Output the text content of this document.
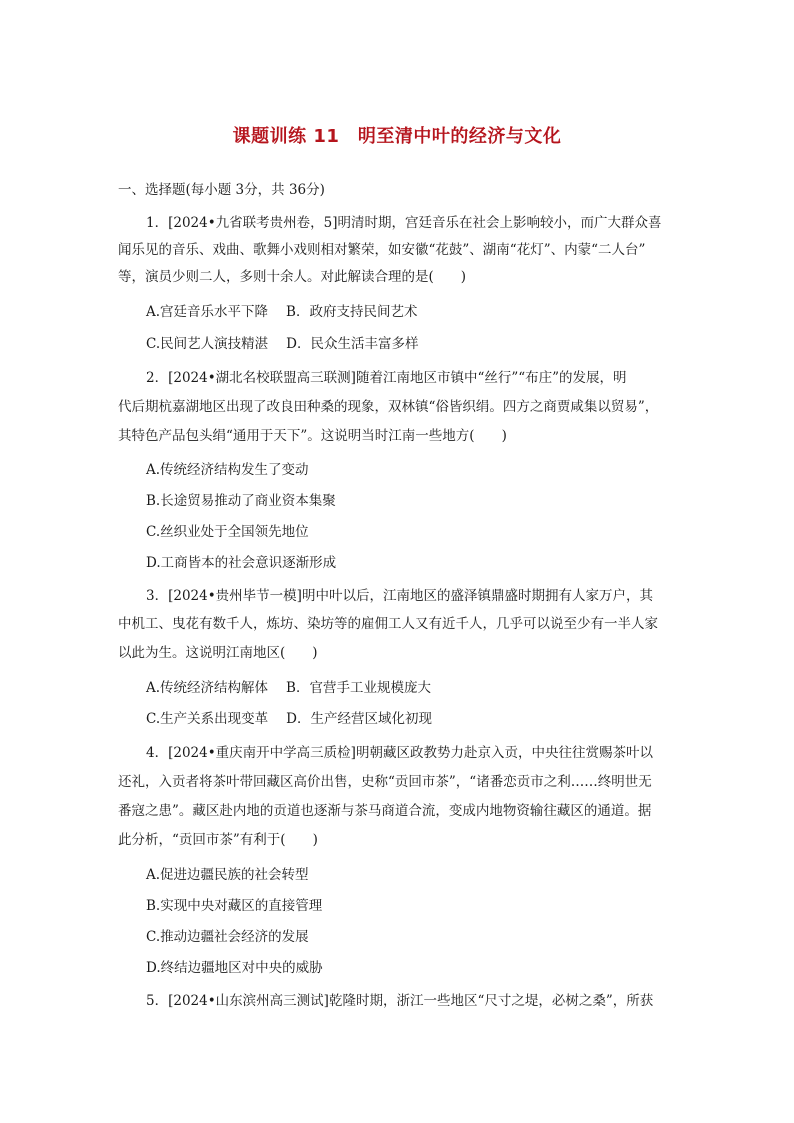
课题训练 11　明至清中叶的经济与文化
一、选择题(每小题 3分，共 36分)
1．[2024•九省联考贵州卷，5]明清时期，宫廷音乐在社会上影响较小，而广大群众喜
闻乐见的音乐、戏曲、歌舞小戏则相对繁荣，如安徽“花鼓”、湖南“花灯”、内蒙“二人台”
等，演员少则二人，多则十余人。对此解读合理的是(　　)
A.宫廷音乐水平下降 B．政府支持民间艺术
C.民间艺人演技精湛 D．民众生活丰富多样
2．[2024•湖北名校联盟高三联测]随着江南地区市镇中“丝行”“布庄”的发展，明
代后期杭嘉湖地区出现了改良田种桑的现象，双林镇“俗皆织绢。四方之商贾咸集以贸易”，
其特色产品包头绢“通用于天下”。这说明当时江南一些地方(　　)
A.传统经济结构发生了变动
B.长途贸易推动了商业资本集聚
C.丝织业处于全国领先地位
D.工商皆本的社会意识逐渐形成
3．[2024•贵州毕节一模]明中叶以后，江南地区的盛泽镇鼎盛时期拥有人家万户，其
中机工、曳花有数千人，炼坊、染坊等的雇佣工人又有近千人，几乎可以说至少有一半人家
以此为生。这说明江南地区(　　)
A.传统经济结构解体 B．官营手工业规模庞大
C.生产关系出现变革 D．生产经营区域化初现
4．[2024•重庆南开中学高三质检]明朝藏区政教势力赴京入贡，中央往往赏赐茶叶以
还礼，入贡者将茶叶带回藏区高价出售，史称“贡回市茶”，“诸番恋贡市之利……终明世无
番寇之患”。藏区赴内地的贡道也逐渐与茶马商道合流，变成内地物资输往藏区的通道。据
此分析，“贡回市茶”有利于(　　)
A.促进边疆民族的社会转型
B.实现中央对藏区的直接管理
C.推动边疆社会经济的发展
D.终结边疆地区对中央的威胁
5．[2024•山东滨州高三测试]乾隆时期，浙江一些地区“尺寸之堤，必树之桑”，所获
